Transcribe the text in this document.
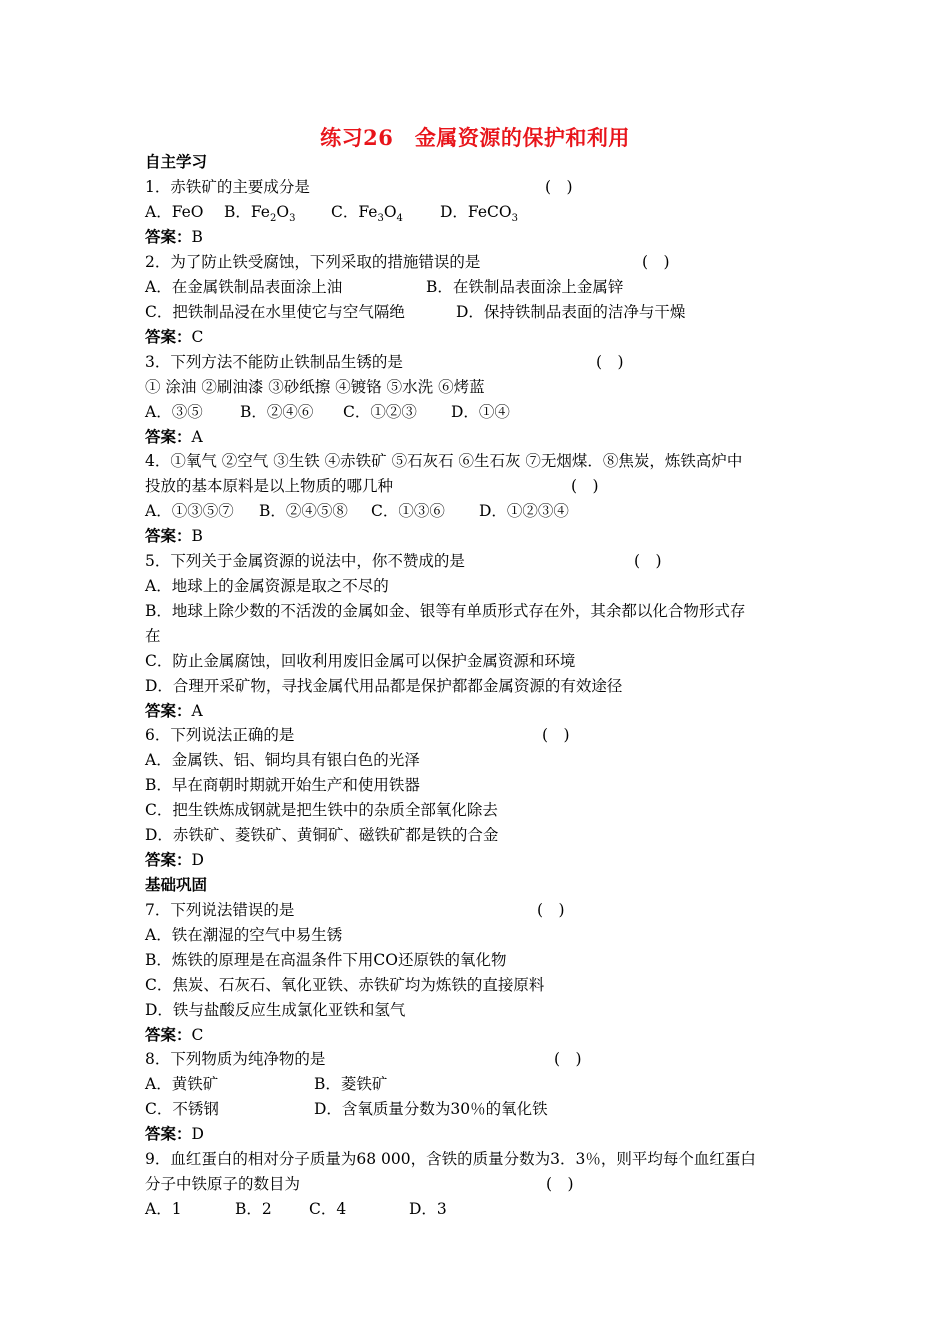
练习26　金属资源的保护和利用
自主学习
1．赤铁矿的主要成分是	(　)
A．FeO B．$Fe_2O_3$ C．$Fe_3O_4$ D．FeCO$_3$
答案：B
2．为了防止铁受腐蚀，下列采取的措施错误的是	(　)
A．在金属铁制品表面涂上油	B．在铁制品表面涂上金属锌
C．把铁制品浸在水里使它与空气隔绝	D．保持铁制品表面的洁净与干燥
答案：C
3．下列方法不能防止铁制品生锈的是	(　)
① 涂油 ②刷油漆 ③砂纸擦 ④镀铬 ⑤水洗 ⑥烤蓝
A．③⑤ B．②④⑥ C．①②③ D．①④
答案：A
4．①氧气 ②空气 ③生铁 ④赤铁矿 ⑤石灰石 ⑥生石灰 ⑦无烟煤．⑧焦炭，炼铁高炉中
投放的基本原料是以上物质的哪几种	(　)
A．①③⑤⑦ B．②④⑤⑧ C．①③⑥ D．①②③④
答案：B
5．下列关于金属资源的说法中，你不赞成的是	(　)
A．地球上的金属资源是取之不尽的
B．地球上除少数的不活泼的金属如金、银等有单质形式存在外，其余都以化合物形式存
在
C．防止金属腐蚀，回收利用废旧金属可以保护金属资源和环境
D．合理开采矿物，寻找金属代用品都是保护都都金属资源的有效途径
答案：A
6．下列说法正确的是	(　)
A．金属铁、铝、铜均具有银白色的光泽
B．早在商朝时期就开始生产和使用铁器
C．把生铁炼成钢就是把生铁中的杂质全部氧化除去
D．赤铁矿、菱铁矿、黄铜矿、磁铁矿都是铁的合金
答案：D
基础巩固
7．下列说法错误的是	(　)
A．铁在潮湿的空气中易生锈
B．炼铁的原理是在高温条件下用CO还原铁的氧化物
C．焦炭、石灰石、氧化亚铁、赤铁矿均为炼铁的直接原料
D．铁与盐酸反应生成氯化亚铁和氢气
答案：C
8．下列物质为纯净物的是	(　)
A．黄铁矿	B．菱铁矿
C．不锈钢	D．含氧质量分数为30％的氧化铁
答案：D
9．血红蛋白的相对分子质量为68 000，含铁的质量分数为3．3％，则平均每个血红蛋白
分子中铁原子的数目为	(　)
A．1	B．2 C．4	D．3
